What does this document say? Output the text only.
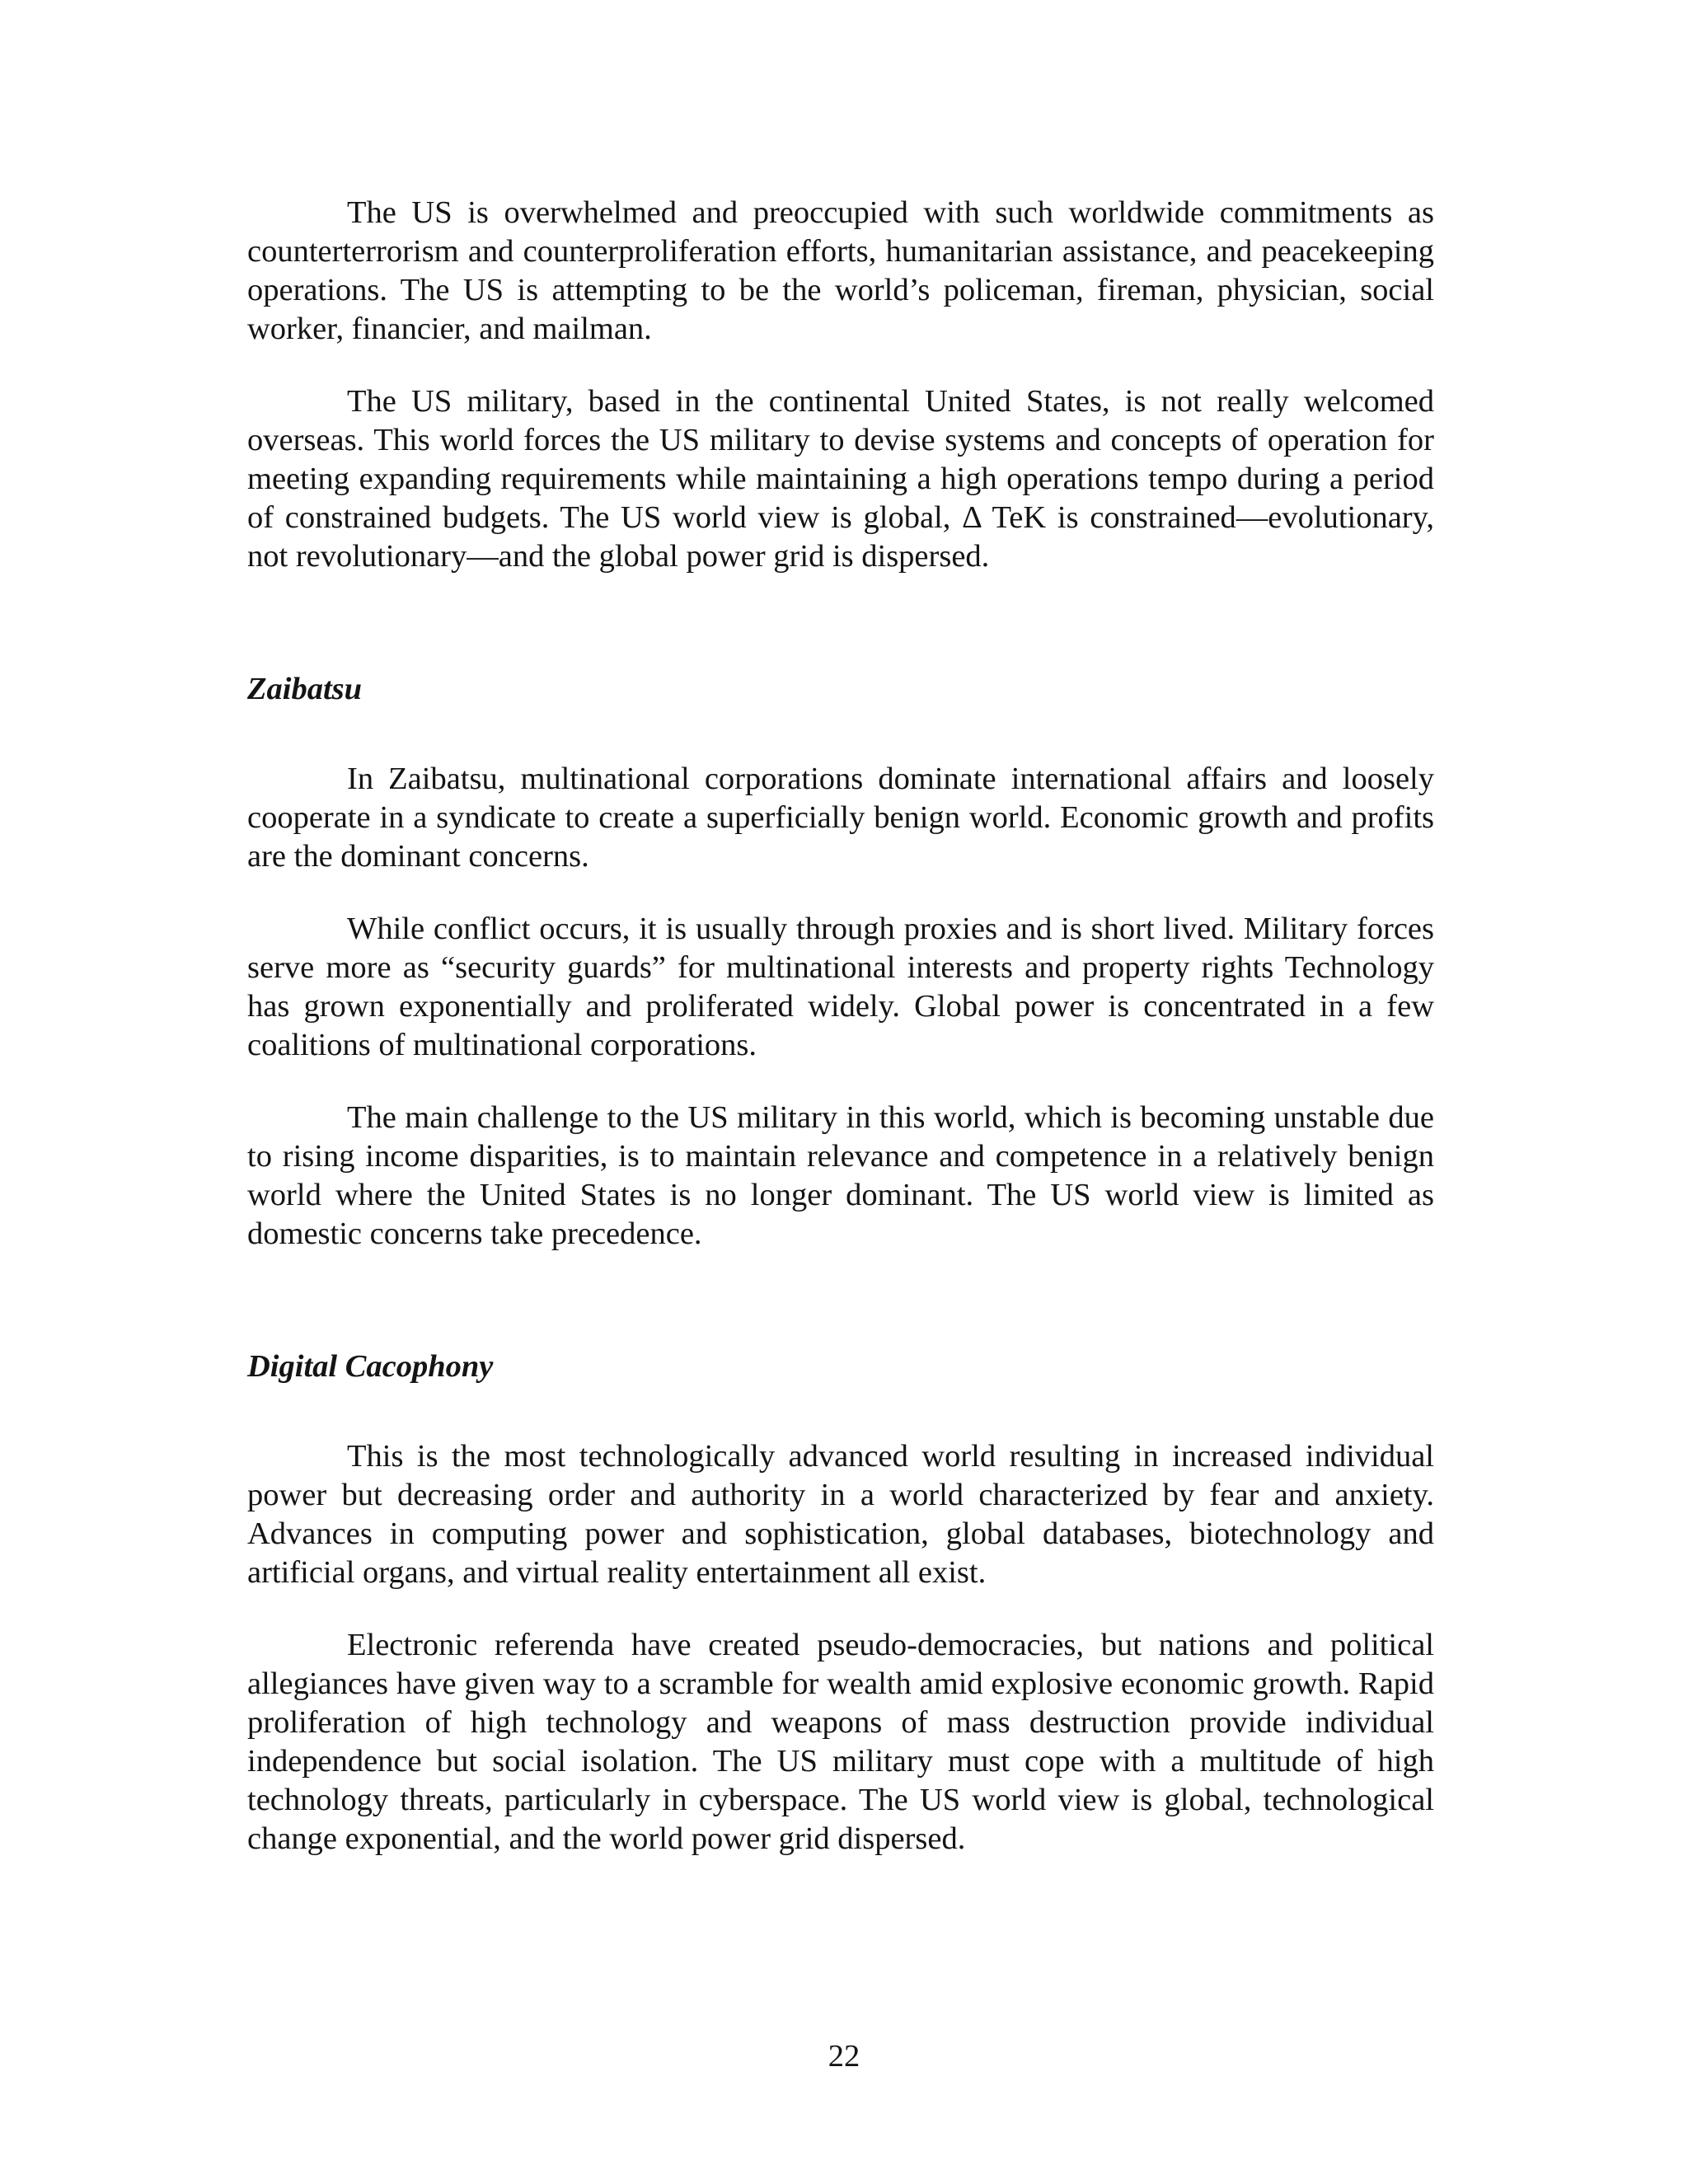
The US is overwhelmed and preoccupied with such worldwide commitments as counterterrorism and counterproliferation efforts, humanitarian assistance, and peacekeeping operations. The US is attempting to be the world’s policeman, fireman, physician, social worker, financier, and mailman.

The US military, based in the continental United States, is not really welcomed overseas. This world forces the US military to devise systems and concepts of operation for meeting expanding requirements while maintaining a high operations tempo during a period of constrained budgets. The US world view is global, Δ TeK is constrained—evolutionary, not revolutionary—and the global power grid is dispersed.

Zaibatsu

In Zaibatsu, multinational corporations dominate international affairs and loosely cooperate in a syndicate to create a superficially benign world. Economic growth and profits are the dominant concerns.

While conflict occurs, it is usually through proxies and is short lived. Military forces serve more as “security guards” for multinational interests and property rights Technology has grown exponentially and proliferated widely. Global power is concentrated in a few coalitions of multinational corporations.

The main challenge to the US military in this world, which is becoming unstable due to rising income disparities, is to maintain relevance and competence in a relatively benign world where the United States is no longer dominant. The US world view is limited as domestic concerns take precedence.

Digital Cacophony

This is the most technologically advanced world resulting in increased individual power but decreasing order and authority in a world characterized by fear and anxiety. Advances in computing power and sophistication, global databases, biotechnology and artificial organs, and virtual reality entertainment all exist.

Electronic referenda have created pseudo-democracies, but nations and political allegiances have given way to a scramble for wealth amid explosive economic growth. Rapid proliferation of high technology and weapons of mass destruction provide individual independence but social isolation. The US military must cope with a multitude of high technology threats, particularly in cyberspace. The US world view is global, technological change exponential, and the world power grid dispersed.

22
